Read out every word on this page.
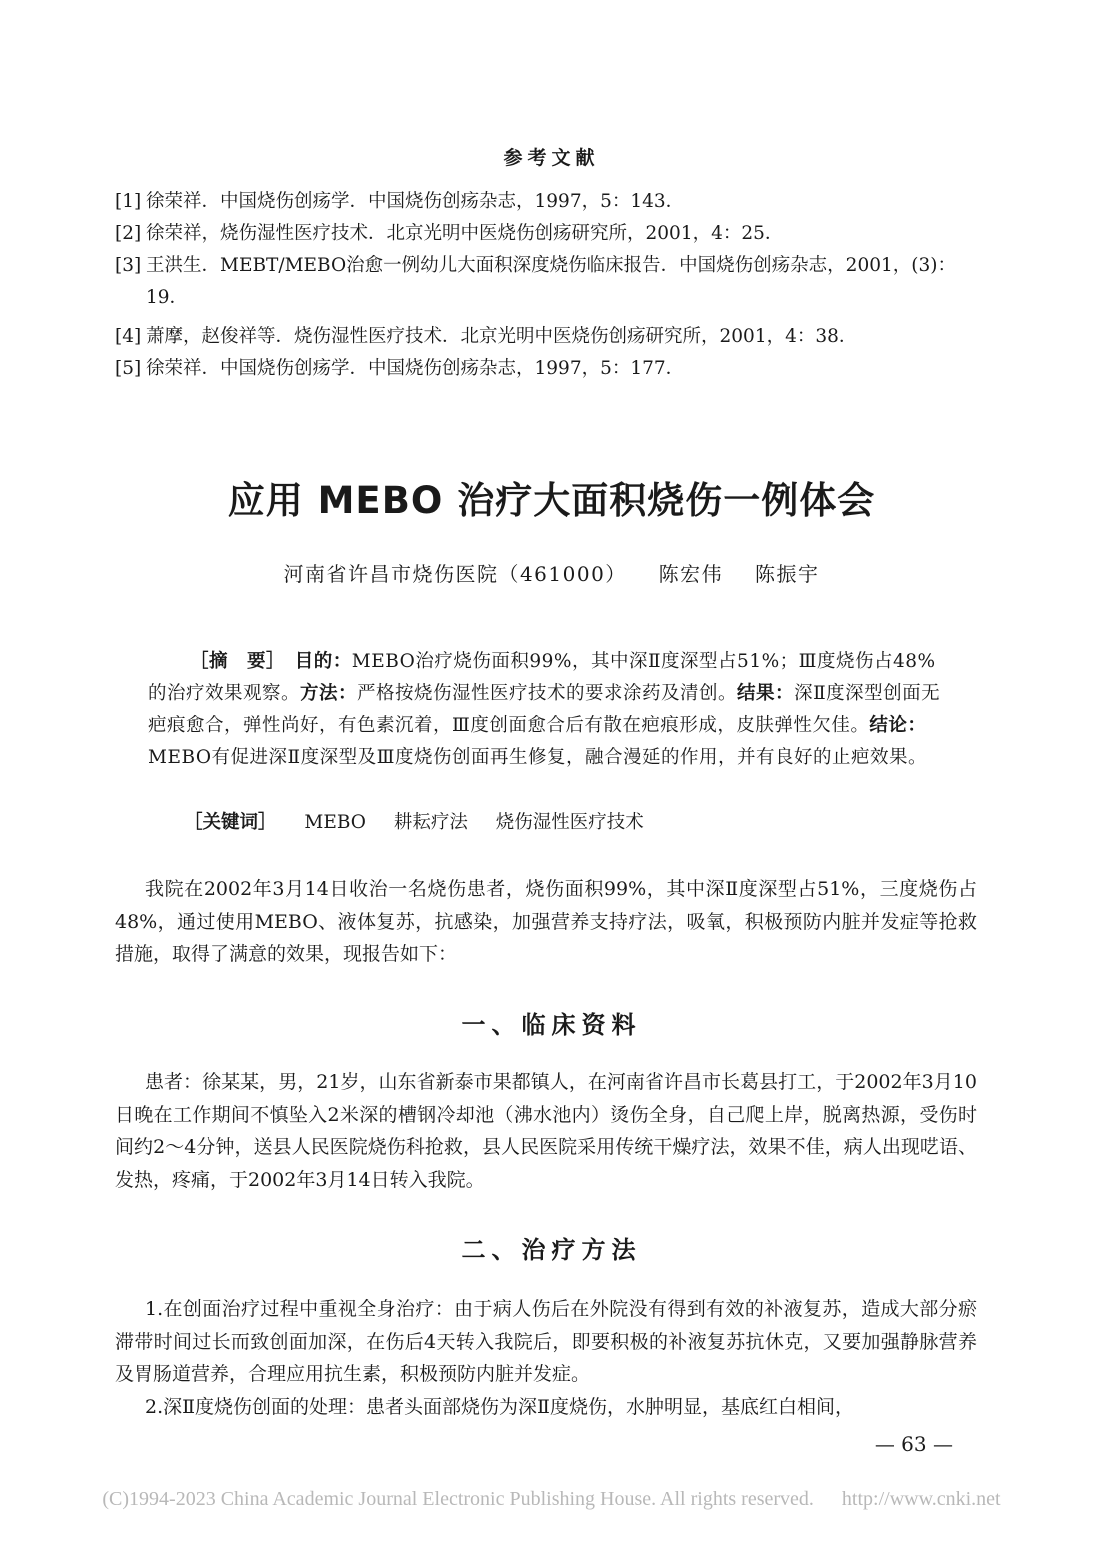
参考文献
[1] 徐荣祥．中国烧伤创疡学．中国烧伤创疡杂志，1997，5：143．
[2] 徐荣祥，烧伤湿性医疗技术．北京光明中医烧伤创疡研究所，2001，4：25．
[3] 王洪生．MEBT/MEBO治愈一例幼儿大面积深度烧伤临床报告．中国烧伤创疡杂志，2001，(3)：19．
[4] 萧摩，赵俊祥等．烧伤湿性医疗技术．北京光明中医烧伤创疡研究所，2001，4：38．
[5] 徐荣祥．中国烧伤创疡学．中国烧伤创疡杂志，1997，5：177．
应用 MEBO 治疗大面积烧伤一例体会
河南省许昌市烧伤医院（461000） 陈宏伟 陈振宇
［摘　要］　 目的：MEBO治疗烧伤面积99%，其中深Ⅱ度深型占51%；Ⅲ度烧伤占48%的治疗效果观察。方法：严格按烧伤湿性医疗技术的要求涂药及清创。结果：深Ⅱ度深型创面无疤痕愈合，弹性尚好，有色素沉着，Ⅲ度创面愈合后有散在疤痕形成，皮肤弹性欠佳。结论：MEBO有促进深Ⅱ度深型及Ⅲ度烧伤创面再生修复，融合漫延的作用，并有良好的止疤效果。
［关键词］ MEBO 耕耘疗法 烧伤湿性医疗技术
我院在2002年3月14日收治一名烧伤患者，烧伤面积99%，其中深Ⅱ度深型占51%，三度烧伤占48%，通过使用MEBO、液体复苏，抗感染，加强营养支持疗法，吸氧，积极预防内脏并发症等抢救措施，取得了满意的效果，现报告如下：
一、临床资料
患者：徐某某，男，21岁，山东省新泰市果都镇人，在河南省许昌市长葛县打工，于2002年3月10日晚在工作期间不慎坠入2米深的槽钢冷却池（沸水池内）烫伤全身，自己爬上岸，脱离热源，受伤时间约2～4分钟，送县人民医院烧伤科抢救，县人民医院采用传统干燥疗法，效果不佳，病人出现呓语、发热，疼痛，于2002年3月14日转入我院。
二、治疗方法
1.在创面治疗过程中重视全身治疗：由于病人伤后在外院没有得到有效的补液复苏，造成大部分瘀滞带时间过长而致创面加深，在伤后4天转入我院后，即要积极的补液复苏抗休克，又要加强静脉营养及胃肠道营养，合理应用抗生素，积极预防内脏并发症。
2.深Ⅱ度烧伤创面的处理：患者头面部烧伤为深Ⅱ度烧伤，水肿明显，基底红白相间，
— 63 —
(C)1994-2023 China Academic Journal Electronic Publishing House. All rights reserved. http://www.cnki.net
